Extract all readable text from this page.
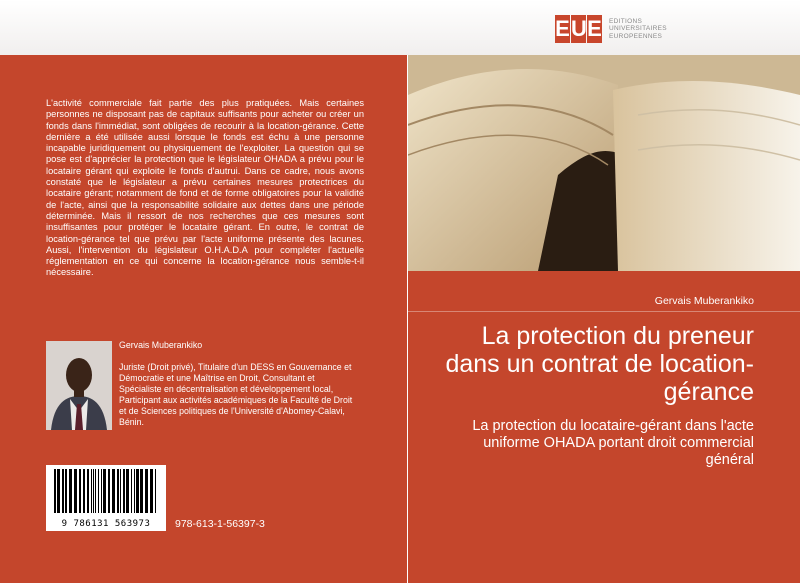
E U E EDITIONS
UNIVERSITAIRES
EUROPEENNES

L'activité commerciale fait partie des plus pratiquées. Mais certaines personnes ne disposant pas de capitaux suffisants pour acheter ou créer un fonds dans l'immédiat, sont obligées de recourir à la location-gérance. Cette dernière a été utilisée aussi lorsque le fonds est échu à une personne incapable juridiquement ou physiquement de l'exploiter. La question qui se pose est d'apprécier la protection que le législateur OHADA a prévu pour le locataire gérant qui exploite le fonds d'autrui. Dans ce cadre, nous avons constaté que le législateur a prévu certaines mesures protectrices du locataire gérant; notamment de fond et de forme obligatoires pour la validité de l'acte, ainsi que la responsabilité solidaire aux dettes dans une période déterminée. Mais il ressort de nos recherches que ces mesures sont insuffisantes pour protéger le locataire gérant. En outre, le contrat de location-gérance tel que prévu par l'acte uniforme présente des lacunes. Aussi, l'intervention du législateur O.H.A.D.A pour compléter l'actuelle réglementation en ce qui concerne la location-gérance nous semble-t-il nécessaire.

Gervais Muberankiko

Juriste (Droit privé), Titulaire d'un DESS en Gouvernance et Démocratie et une Maîtrise en Droit, Consultant et Spécialiste en décentralisation et développement local, Participant aux activités académiques de la Faculté de Droit et de Sciences politiques de l'Université d'Abomey-Calavi, Bénin.

9 786131 563973	978-613-1-56397-3

Gervais Muberankiko

La protection du preneur dans un contrat de location-gérance

La protection du locataire-gérant dans l'acte uniforme OHADA portant droit commercial général
